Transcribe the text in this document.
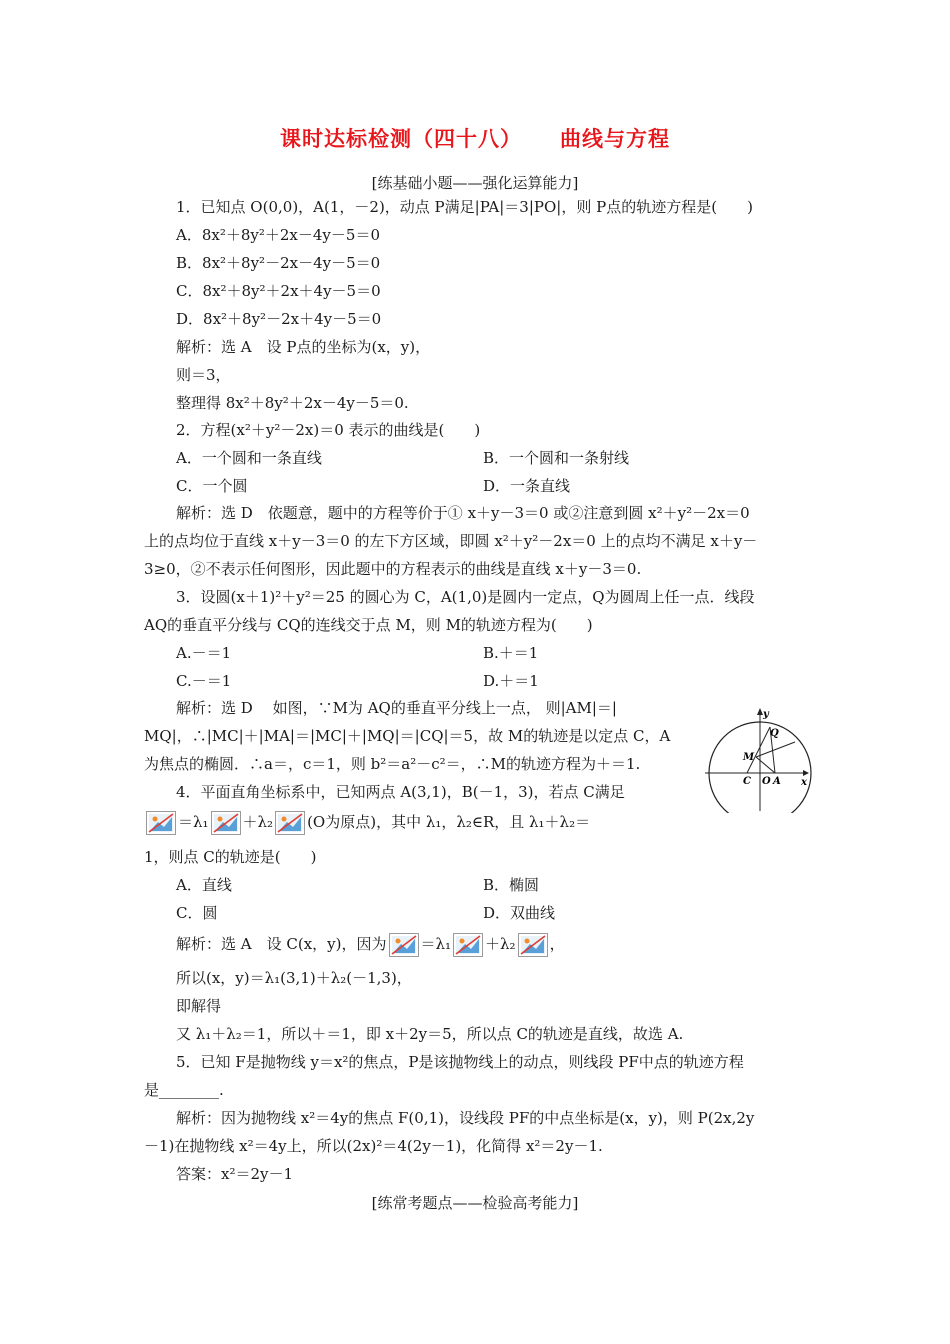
课时达标检测（四十八） 曲线与方程
[练基础小题——强化运算能力]
1．已知点 O(0,0)，A(1，－2)，动点 P满足|PA|＝3|PO|，则 P点的轨迹方程是(　　)
A．8x²＋8y²＋2x－4y－5＝0
B．8x²＋8y²－2x－4y－5＝0
C．8x²＋8y²＋2x＋4y－5＝0
D．8x²＋8y²－2x＋4y－5＝0
解析：选 A　设 P点的坐标为(x，y)，
则＝3，
整理得 8x²＋8y²＋2x－4y－5＝0.
2．方程(x²＋y²－2x)＝0 表示的曲线是(　　)
A．一个圆和一条直线	B．一个圆和一条射线
C．一个圆	D．一条直线
解析：选 D　依题意，题中的方程等价于① x＋y－3＝0 或②注意到圆 x²＋y²－2x＝0
上的点均位于直线 x＋y－3＝0 的左下方区域，即圆 x²＋y²－2x＝0 上的点均不满足 x＋y－
3≥0，②不表示任何图形，因此题中的方程表示的曲线是直线 x＋y－3＝0.
3．设圆(x＋1)²＋y²＝25 的圆心为 C，A(1,0)是圆内一定点，Q为圆周上任一点．线段
AQ的垂直平分线与 CQ的连线交于点 M，则 M的轨迹方程为(　　)
A.－＝1	B.＋＝1
C.－＝1	D.＋＝1
解析：选 D　 如图，∵M为 AQ的垂直平分线上一点， 则|AM|＝|
MQ|，∴|MC|＋|MA|＝|MC|＋|MQ|＝|CQ|＝5，故 M的轨迹是以定点 C，A
为焦点的椭圆．∴a＝，c＝1，则 b²＝a²－c²＝，∴M的轨迹方程为＋＝1.
y
x
Q
M
C O A
4．平面直角坐标系中，已知两点 A(3,1)，B(－1，3)，若点 C满足
＝λ₁ ＋λ₂ (O为原点)，其中 λ₁，λ₂∈R，且 λ₁＋λ₂＝
1，则点 C的轨迹是(　　)
A．直线	B．椭圆
C．圆	D．双曲线
解析：选 A　设 C(x，y)，因为 ＝λ₁ ＋λ₂ ，
所以(x，y)＝λ₁(3,1)＋λ₂(－1,3)，
即解得
又 λ₁＋λ₂＝1，所以＋＝1，即 x＋2y＝5，所以点 C的轨迹是直线，故选 A.
5．已知 F是抛物线 y＝x²的焦点，P是该抛物线上的动点，则线段 PF中点的轨迹方程
是________.
解析：因为抛物线 x²＝4y的焦点 F(0,1)，设线段 PF的中点坐标是(x，y)，则 P(2x,2y
－1)在抛物线 x²＝4y上，所以(2x)²＝4(2y－1)，化简得 x²＝2y－1.
答案：x²＝2y－1
[练常考题点——检验高考能力]
